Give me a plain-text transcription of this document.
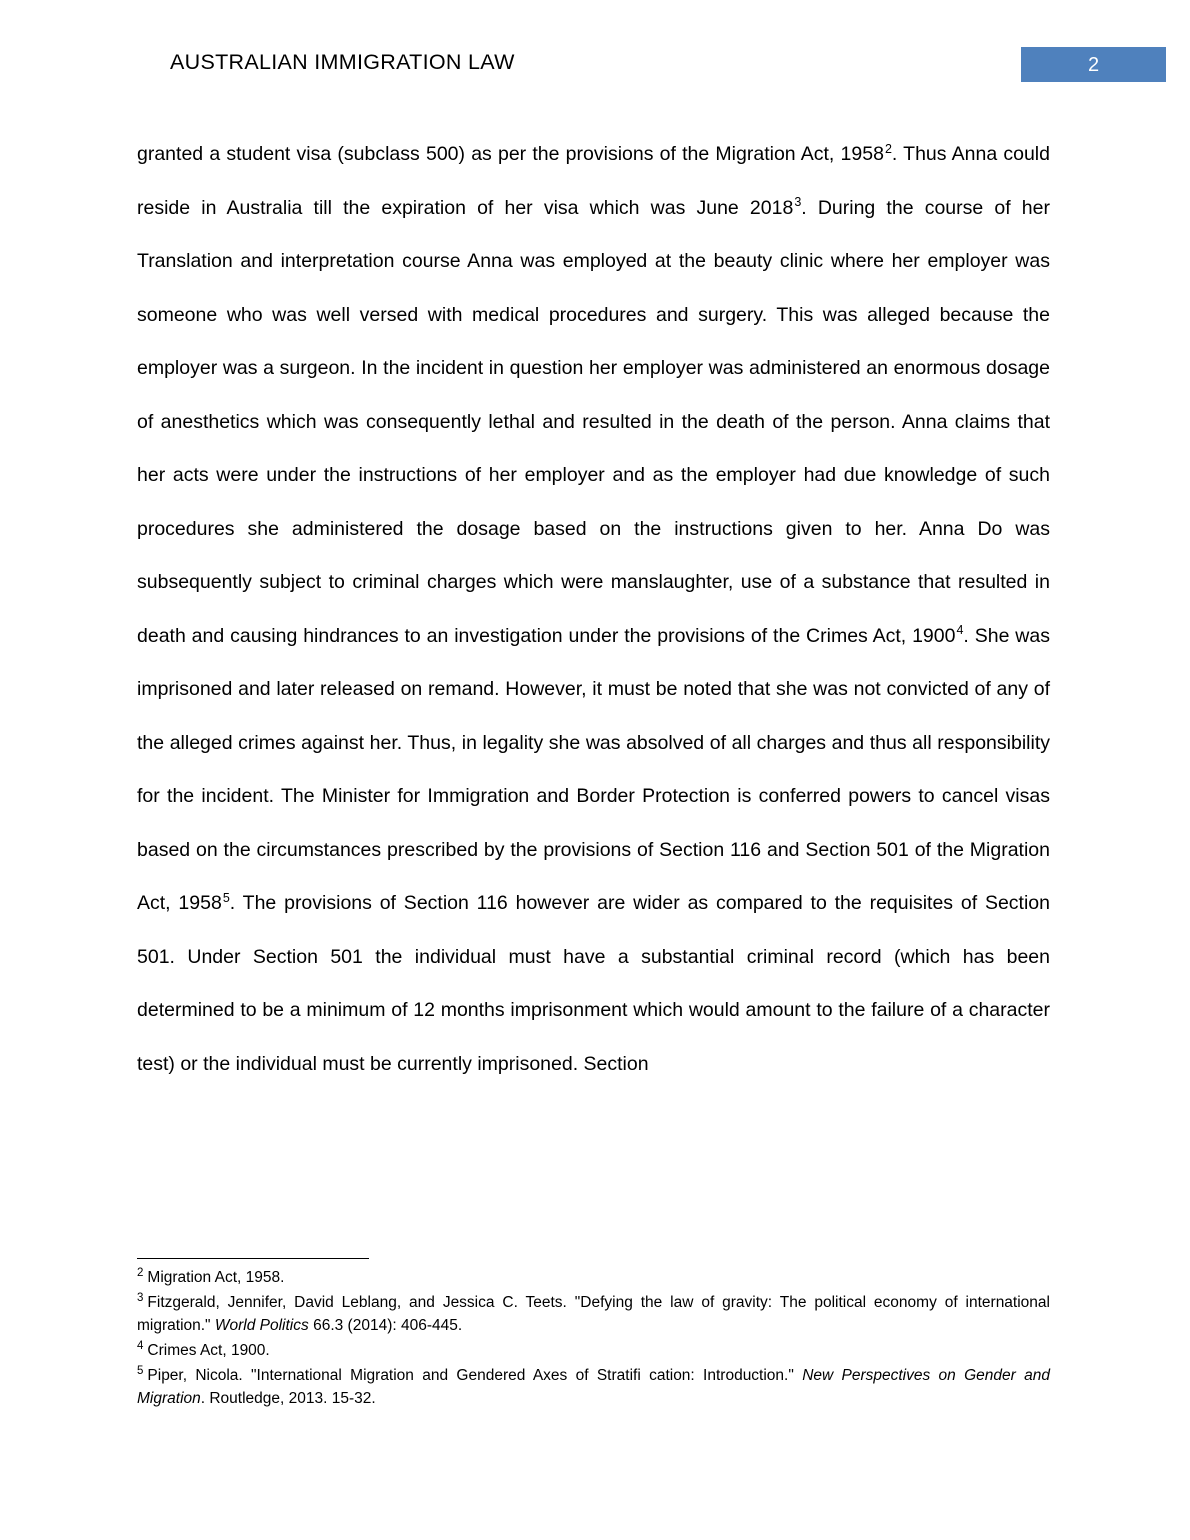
AUSTRALIAN IMMIGRATION LAW	2

granted a student visa (subclass 500) as per the provisions of the Migration Act, 1958$^2$. Thus Anna could reside in Australia till the expiration of her visa which was June 2018$^3$. During the course of her Translation and interpretation course Anna was employed at the beauty clinic where her employer was someone who was well versed with medical procedures and surgery. This was alleged because the employer was a surgeon. In the incident in question her employer was administered an enormous dosage of anesthetics which was consequently lethal and resulted in the death of the person. Anna claims that her acts were under the instructions of her employer and as the employer had due knowledge of such procedures she administered the dosage based on the instructions given to her. Anna Do was subsequently subject to criminal charges which were manslaughter, use of a substance that resulted in death and causing hindrances to an investigation under the provisions of the Crimes Act, 1900$^4$. She was imprisoned and later released on remand. However, it must be noted that she was not convicted of any of the alleged crimes against her. Thus, in legality she was absolved of all charges and thus all responsibility for the incident. The Minister for Immigration and Border Protection is conferred powers to cancel visas based on the circumstances prescribed by the provisions of Section 116 and Section 501 of the Migration Act, 1958$^5$. The provisions of Section 116 however are wider as compared to the requisites of Section 501. Under Section 501 the individual must have a substantial criminal record (which has been determined to be a minimum of 12 months imprisonment which would amount to the failure of a character test) or the individual must be currently imprisoned. Section

$^2$ Migration Act, 1958.

$^3$ Fitzgerald, Jennifer, David Leblang, and Jessica C. Teets. "Defying the law of gravity: The political economy of international migration." World Politics 66.3 (2014): 406-445.

$^4$ Crimes Act, 1900.

$^5$ Piper, Nicola. "International Migration and Gendered Axes of Stratifi cation: Introduction." New Perspectives on Gender and Migration. Routledge, 2013. 15-32.
